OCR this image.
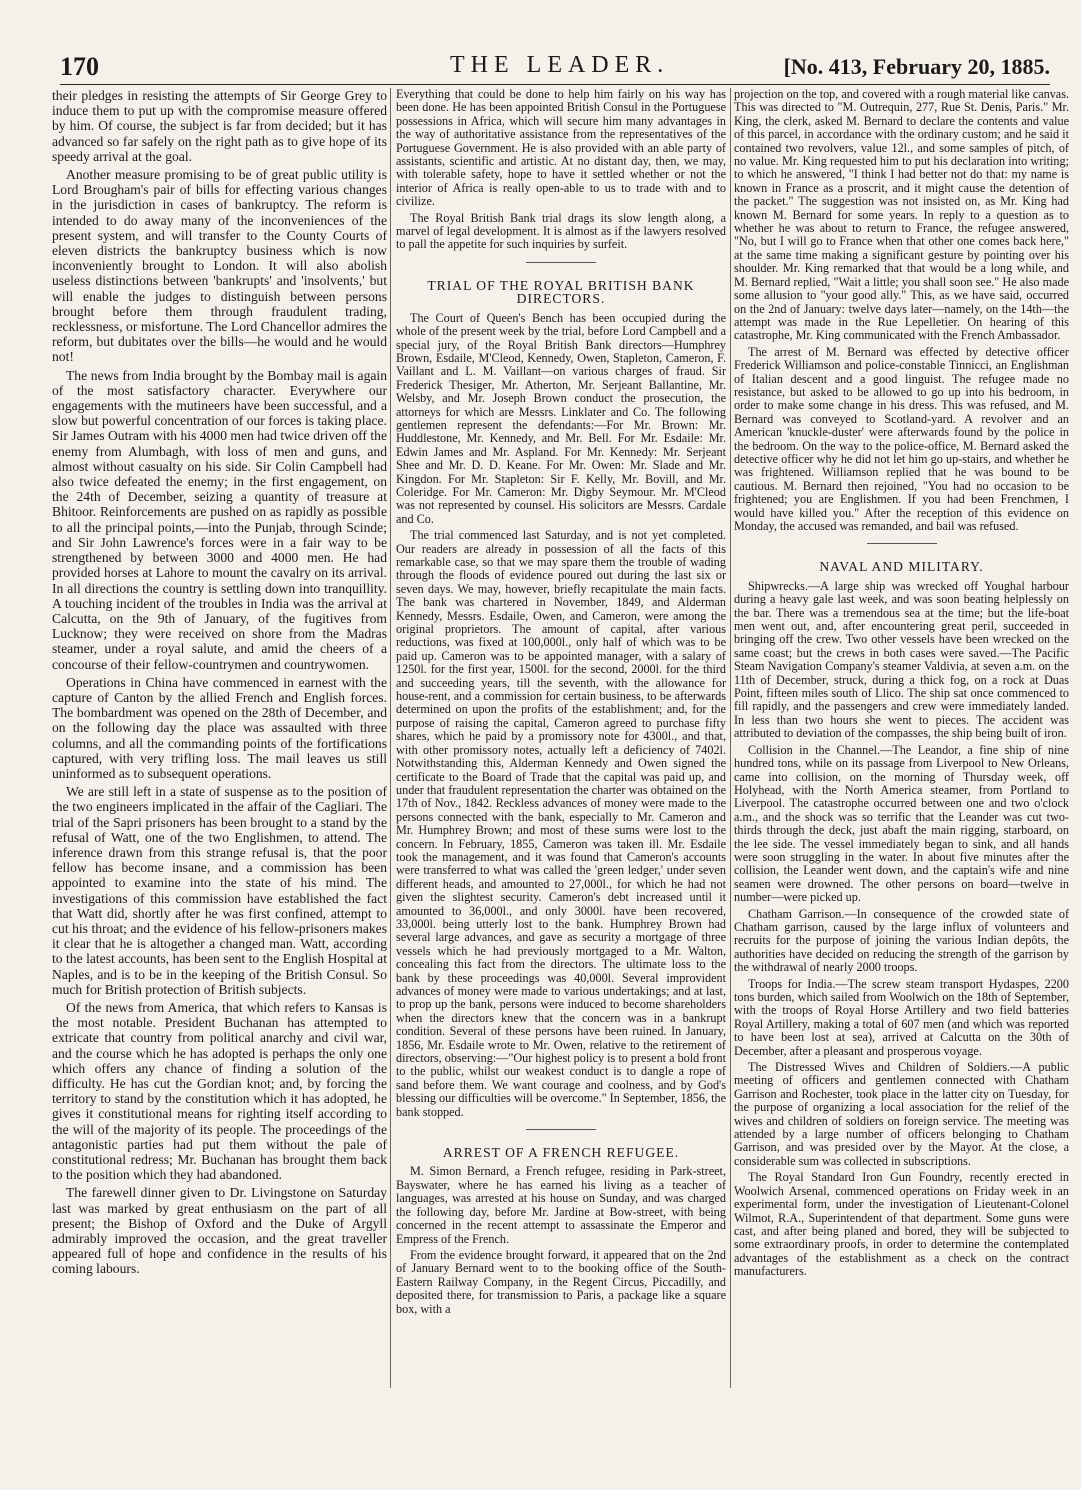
170	THE LEADER.	[No. 413, February 20, 1885.

their pledges in resisting the attempts of Sir George Grey to induce them to put up with the compromise measure offered by him. Of course, the subject is far from decided; but it has advanced so far safely on the right path as to give hope of its speedy arrival at the goal.

Another measure promising to be of great public utility is Lord Brougham's pair of bills for effecting various changes in the jurisdiction in cases of bankruptcy. The reform is intended to do away many of the inconveniences of the present system, and will transfer to the County Courts of eleven districts the bankruptcy business which is now inconveniently brought to London. It will also abolish useless distinctions between 'bankrupts' and 'insolvents,' but will enable the judges to distinguish between persons brought before them through fraudulent trading, recklessness, or misfortune. The Lord Chancellor admires the reform, but dubitates over the bills—he would and he would not!

The news from India brought by the Bombay mail is again of the most satisfactory character. Everywhere our engagements with the mutineers have been successful, and a slow but powerful concentration of our forces is taking place. Sir James Outram with his 4000 men had twice driven off the enemy from Alumbagh, with loss of men and guns, and almost without casualty on his side. Sir Colin Campbell had also twice defeated the enemy; in the first engagement, on the 24th of December, seizing a quantity of treasure at Bhitoor. Reinforcements are pushed on as rapidly as possible to all the principal points,—into the Punjab, through Scinde; and Sir John Lawrence's forces were in a fair way to be strengthened by between 3000 and 4000 men. He had provided horses at Lahore to mount the cavalry on its arrival. In all directions the country is settling down into tranquillity. A touching incident of the troubles in India was the arrival at Calcutta, on the 9th of January, of the fugitives from Lucknow; they were received on shore from the Madras steamer, under a royal salute, and amid the cheers of a concourse of their fellow-countrymen and countrywomen.

Operations in China have commenced in earnest with the capture of Canton by the allied French and English forces. The bombardment was opened on the 28th of December, and on the following day the place was assaulted with three columns, and all the commanding points of the fortifications captured, with very trifling loss. The mail leaves us still uninformed as to subsequent operations.

We are still left in a state of suspense as to the position of the two engineers implicated in the affair of the Cagliari. The trial of the Sapri prisoners has been brought to a stand by the refusal of Watt, one of the two Englishmen, to attend. The inference drawn from this strange refusal is, that the poor fellow has become insane, and a commission has been appointed to examine into the state of his mind. The investigations of this commission have established the fact that Watt did, shortly after he was first confined, attempt to cut his throat; and the evidence of his fellow-prisoners makes it clear that he is altogether a changed man. Watt, according to the latest accounts, has been sent to the English Hospital at Naples, and is to be in the keeping of the British Consul. So much for British protection of British subjects.

Of the news from America, that which refers to Kansas is the most notable. President Buchanan has attempted to extricate that country from political anarchy and civil war, and the course which he has adopted is perhaps the only one which offers any chance of finding a solution of the difficulty. He has cut the Gordian knot; and, by forcing the territory to stand by the constitution which it has adopted, he gives it constitutional means for righting itself according to the will of the majority of its people. The proceedings of the antagonistic parties had put them without the pale of constitutional redress; Mr. Buchanan has brought them back to the position which they had abandoned.

The farewell dinner given to Dr. Livingstone on Saturday last was marked by great enthusiasm on the part of all present; the Bishop of Oxford and the Duke of Argyll admirably improved the occasion, and the great traveller appeared full of hope and confidence in the results of his coming labours.

Everything that could be done to help him fairly on his way has been done. He has been appointed British Consul in the Portuguese possessions in Africa, which will secure him many advantages in the way of authoritative assistance from the representatives of the Portuguese Government. He is also provided with an able party of assistants, scientific and artistic. At no distant day, then, we may, with tolerable safety, hope to have it settled whether or not the interior of Africa is really open-able to us to trade with and to civilize.

The Royal British Bank trial drags its slow length along, a marvel of legal development. It is almost as if the lawyers resolved to pall the appetite for such inquiries by surfeit.

TRIAL OF THE ROYAL BRITISH BANK DIRECTORS.

The Court of Queen's Bench has been occupied during the whole of the present week by the trial, before Lord Campbell and a special jury, of the Royal British Bank directors—Humphrey Brown, Esdaile, M'Cleod, Kennedy, Owen, Stapleton, Cameron, F. Vaillant and L. M. Vaillant—on various charges of fraud. Sir Frederick Thesiger, Mr. Atherton, Mr. Serjeant Ballantine, Mr. Welsby, and Mr. Joseph Brown conduct the prosecution, the attorneys for which are Messrs. Linklater and Co. The following gentlemen represent the defendants:—For Mr. Brown: Mr. Huddlestone, Mr. Kennedy, and Mr. Bell. For Mr. Esdaile: Mr. Edwin James and Mr. Aspland. For Mr. Kennedy: Mr. Serjeant Shee and Mr. D. D. Keane. For Mr. Owen: Mr. Slade and Mr. Kingdon. For Mr. Stapleton: Sir F. Kelly, Mr. Bovill, and Mr. Coleridge. For Mr. Cameron: Mr. Digby Seymour. Mr. M'Cleod was not represented by counsel. His solicitors are Messrs. Cardale and Co.

The trial commenced last Saturday, and is not yet completed. Our readers are already in possession of all the facts of this remarkable case, so that we may spare them the trouble of wading through the floods of evidence poured out during the last six or seven days. We may, however, briefly recapitulate the main facts. The bank was chartered in November, 1849, and Alderman Kennedy, Messrs. Esdaile, Owen, and Cameron, were among the original proprietors. The amount of capital, after various reductions, was fixed at 100,000l., only half of which was to be paid up. Cameron was to be appointed manager, with a salary of 1250l. for the first year, 1500l. for the second, 2000l. for the third and succeeding years, till the seventh, with the allowance for house-rent, and a commission for certain business, to be afterwards determined on upon the profits of the establishment; and, for the purpose of raising the capital, Cameron agreed to purchase fifty shares, which he paid by a promissory note for 4300l., and that, with other promissory notes, actually left a deficiency of 7402l. Notwithstanding this, Alderman Kennedy and Owen signed the certificate to the Board of Trade that the capital was paid up, and under that fraudulent representation the charter was obtained on the 17th of Nov., 1842. Reckless advances of money were made to the persons connected with the bank, especially to Mr. Cameron and Mr. Humphrey Brown; and most of these sums were lost to the concern. In February, 1855, Cameron was taken ill. Mr. Esdaile took the management, and it was found that Cameron's accounts were transferred to what was called the 'green ledger,' under seven different heads, and amounted to 27,000l., for which he had not given the slightest security. Cameron's debt increased until it amounted to 36,000l., and only 3000l. have been recovered, 33,000l. being utterly lost to the bank. Humphrey Brown had several large advances, and gave as security a mortgage of three vessels which he had previously mortgaged to a Mr. Walton, concealing this fact from the directors. The ultimate loss to the bank by these proceedings was 40,000l. Several improvident advances of money were made to various undertakings; and at last, to prop up the bank, persons were induced to become shareholders when the directors knew that the concern was in a bankrupt condition. Several of these persons have been ruined. In January, 1856, Mr. Esdaile wrote to Mr. Owen, relative to the retirement of directors, observing:—"Our highest policy is to present a bold front to the public, whilst our weakest conduct is to dangle a rope of sand before them. We want courage and coolness, and by God's blessing our difficulties will be overcome." In September, 1856, the bank stopped.

ARREST OF A FRENCH REFUGEE.

M. Simon Bernard, a French refugee, residing in Park-street, Bayswater, where he has earned his living as a teacher of languages, was arrested at his house on Sunday, and was charged the following day, before Mr. Jardine at Bow-street, with being concerned in the recent attempt to assassinate the Emperor and Empress of the French.

From the evidence brought forward, it appeared that on the 2nd of January Bernard went to to the booking office of the South-Eastern Railway Company, in the Regent Circus, Piccadilly, and deposited there, for transmission to Paris, a package like a square box, with a

projection on the top, and covered with a rough material like canvas. This was directed to "M. Outrequin, 277, Rue St. Denis, Paris." Mr. King, the clerk, asked M. Bernard to declare the contents and value of this parcel, in accordance with the ordinary custom; and he said it contained two revolvers, value 12l., and some samples of pitch, of no value. Mr. King requested him to put his declaration into writing; to which he answered, "I think I had better not do that: my name is known in France as a proscrit, and it might cause the detention of the packet." The suggestion was not insisted on, as Mr. King had known M. Bernard for some years. In reply to a question as to whether he was about to return to France, the refugee answered, "No, but I will go to France when that other one comes back here," at the same time making a significant gesture by pointing over his shoulder. Mr. King remarked that that would be a long while, and M. Bernard replied, "Wait a little; you shall soon see." He also made some allusion to "your good ally." This, as we have said, occurred on the 2nd of January: twelve days later—namely, on the 14th—the attempt was made in the Rue Lepelletier. On hearing of this catastrophe, Mr. King communicated with the French Ambassador.

The arrest of M. Bernard was effected by detective officer Frederick Williamson and police-constable Tinnicci, an Englishman of Italian descent and a good linguist. The refugee made no resistance, but asked to be allowed to go up into his bedroom, in order to make some change in his dress. This was refused, and M. Bernard was conveyed to Scotland-yard. A revolver and an American 'knuckle-duster' were afterwards found by the police in the bedroom. On the way to the police-office, M. Bernard asked the detective officer why he did not let him go up-stairs, and whether he was frightened. Williamson replied that he was bound to be cautious. M. Bernard then rejoined, "You had no occasion to be frightened; you are Englishmen. If you had been Frenchmen, I would have killed you." After the reception of this evidence on Monday, the accused was remanded, and bail was refused.

NAVAL AND MILITARY.

Shipwrecks.—A large ship was wrecked off Youghal harbour during a heavy gale last week, and was soon beating helplessly on the bar. There was a tremendous sea at the time; but the life-boat men went out, and, after encountering great peril, succeeded in bringing off the crew. Two other vessels have been wrecked on the same coast; but the crews in both cases were saved.—The Pacific Steam Navigation Company's steamer Valdivia, at seven a.m. on the 11th of December, struck, during a thick fog, on a rock at Duas Point, fifteen miles south of Llico. The ship sat once commenced to fill rapidly, and the passengers and crew were immediately landed. In less than two hours she went to pieces. The accident was attributed to deviation of the compasses, the ship being built of iron.

Collision in the Channel.—The Leandor, a fine ship of nine hundred tons, while on its passage from Liverpool to New Orleans, came into collision, on the morning of Thursday week, off Holyhead, with the North America steamer, from Portland to Liverpool. The catastrophe occurred between one and two o'clock a.m., and the shock was so terrific that the Leander was cut two-thirds through the deck, just abaft the main rigging, starboard, on the lee side. The vessel immediately began to sink, and all hands were soon struggling in the water. In about five minutes after the collision, the Leander went down, and the captain's wife and nine seamen were drowned. The other persons on board—twelve in number—were picked up.

Chatham Garrison.—In consequence of the crowded state of Chatham garrison, caused by the large influx of volunteers and recruits for the purpose of joining the various Indian depôts, the authorities have decided on reducing the strength of the garrison by the withdrawal of nearly 2000 troops.

Troops for India.—The screw steam transport Hydaspes, 2200 tons burden, which sailed from Woolwich on the 18th of September, with the troops of Royal Horse Artillery and two field batteries Royal Artillery, making a total of 607 men (and which was reported to have been lost at sea), arrived at Calcutta on the 30th of December, after a pleasant and prosperous voyage.

The Distressed Wives and Children of Soldiers.—A public meeting of officers and gentlemen connected with Chatham Garrison and Rochester, took place in the latter city on Tuesday, for the purpose of organizing a local association for the relief of the wives and children of soldiers on foreign service. The meeting was attended by a large number of officers belonging to Chatham Garrison, and was presided over by the Mayor. At the close, a considerable sum was collected in subscriptions.

The Royal Standard Iron Gun Foundry, recently erected in Woolwich Arsenal, commenced operations on Friday week in an experimental form, under the investigation of Lieutenant-Colonel Wilmot, R.A., Superintendent of that department. Some guns were cast, and after being planed and bored, they will be subjected to some extraordinary proofs, in order to determine the contemplated advantages of the establishment as a check on the contract manufacturers.
